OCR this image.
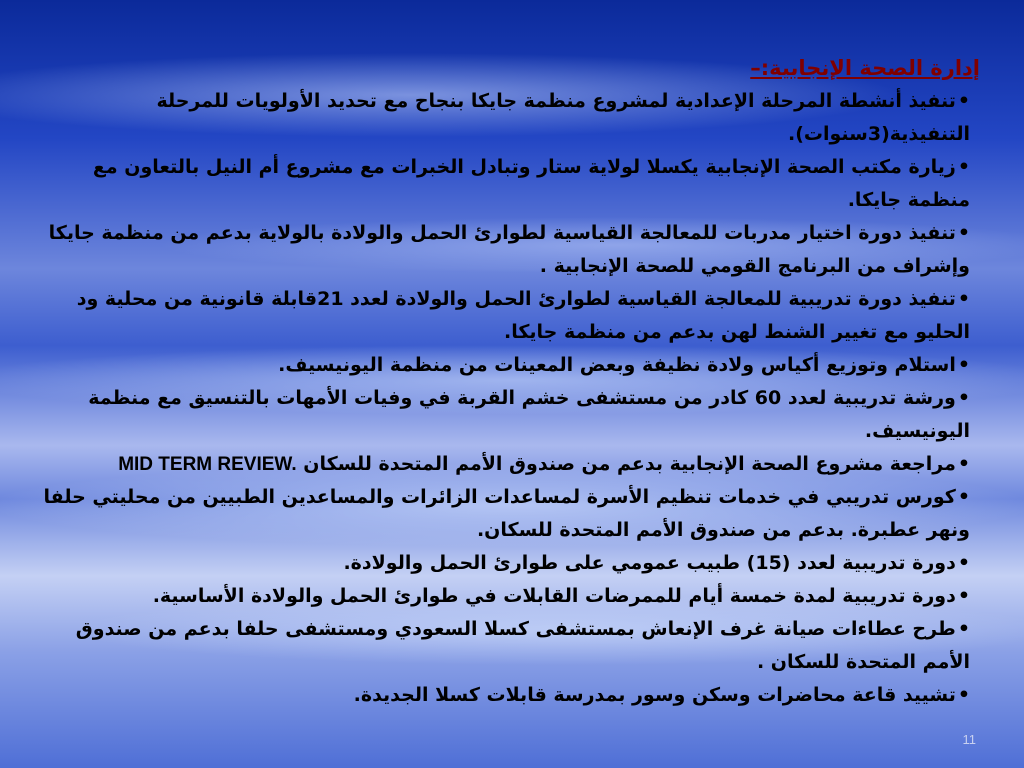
إدارة الصحة الإنجابية:–

•تنفيذ أنشطة المرحلة الإعدادية لمشروع منظمة جايكا بنجاح مع تحديد الأولويات للمرحلة التنفيذية(3سنوات).

•زيارة مكتب الصحة الإنجابية يكسلا لولاية ستار وتبادل الخبرات مع مشروع أم النيل بالتعاون مع منظمة جايكا.

•تنفيذ دورة اختيار مدربات للمعالجة القياسية لطوارئ الحمل والولادة بالولاية بدعم من منظمة جايكا وإشراف من البرنامج القومي للصحة الإنجابية .

•تنفيذ دورة تدريبية للمعالجة القياسية لطوارئ الحمل والولادة لعدد 21قابلة قانونية من محلية ود الحليو مع تغيير الشنط لهن بدعم من منظمة جايكا.

•استلام وتوزيع أكياس ولادة نظيفة وبعض المعينات من منظمة اليونيسيف.

•ورشة تدريبية لعدد 60 كادر من مستشفى خشم القربة في وفيات الأمهات بالتنسيق مع منظمة اليونيسيف.

•مراجعة مشروع الصحة الإنجابية بدعم من صندوق الأمم المتحدة للسكان MID TERM REVIEW.

•كورس تدريبي في خدمات تنظيم الأسرة لمساعدات الزائرات والمساعدين الطبيين من محليتي حلفا ونهر عطبرة. بدعم من صندوق الأمم المتحدة للسكان.

•دورة تدريبية لعدد (15) طبيب عمومي على طوارئ الحمل والولادة.

•دورة تدريبية لمدة خمسة أيام للممرضات القابلات في طوارئ الحمل والولادة الأساسية.

•طرح عطاءات صيانة غرف الإنعاش بمستشفى كسلا السعودي ومستشفى حلفا بدعم من صندوق الأمم المتحدة للسكان .

•تشييد قاعة محاضرات وسكن وسور بمدرسة قابلات كسلا الجديدة.

11
